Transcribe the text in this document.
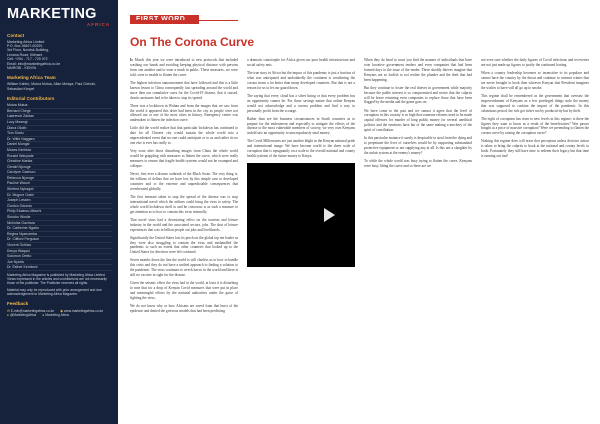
MARKETING
AFRICA
Contact
Marketing Africa Limited
P.O. Box 36697-00200,
3rd Floor, Nordisk Building,
Lenana Road, Kilimani
Cell: +254 - 717 - 729 072
Email: info@marketingafrica.co.ke
NAIROBI - KENYA
Marketing Africa Team
William Kabiro, Mutua Mutua, Allan Mwaya, Paul Gichuki, Sebastian Kimpel
Editorial Contributors
Mutua Mutua
Bernard Chege
Lawrence Zaidan
Lucy Mwangi
Diana Okoth
Tom Sindu
Dr. Wilfa Naggaro
Daniel Mungai
Moses Kimhbia
Ronald Wanyade
Christine Marika
Gerald Njoroge
Carolyne Gachuru
Rebecca Njoroge
Pauline Waruri
Winfred Nyiragwi
Dr. Mugure Owini
Joseph Lessen
Gordon Odundo
Philip Ekakoro-Mburhi
Siroubo Woslie
Nicholas Gachara
Dr. Catherine Ngahu
Regina Nyamamba
Dr. Clifford Ferguson
Vincent Ochiwo
Kenya Waqaui
Solomon Orieto
Joe Nyaria
Dr. Esther Kemboni
Marketing Africa Magazine is published by Marketing Africa Limited. Views expressed in the articles and contributions are not necessarily those of the publisher. The Publisher reserves all rights.
Material may only be reproduced with prior arrangement and due acknowledgement to Marketing Africa Magazine.
Feedback
✉E-info@marketingafrica.co.ke ◉www.marketingafrica.co.ke
●@MarketingAfrica ●Marketing Africa
FIRST WORD
On The Corona Curve

In March this year we were introduced to new protocols that included washing our hands and avoiding keeping physical distance with persons from one another and to wear a mask in public. These measures, we were told, were to enable to flatten the curve.

The highest infection announcement that have followed and this is a little known lesson to China consequently fast spreading around the world and since then our cumulative cases for the Covid-19 disease, that it caused, drastic measures had to be taken to stop its spread.

There was a lockdown in Wuhan and from the images that we saw from the world it appeared this drive had been in the city as people were not allowed out or one of the most cities in history. Emergency centre was undertaken to flatten the infection curve.

Little did the world realize that that particular lockdown has continued to date for all Chinese city would sustain the whole world into a unprecedented event that no-one could anticipate or to us and rather its no one else is ever has really to.

Very soon after those disturbing images from China the whole world would be grappling with measures to flatten the curve, which were really measures to ensure that fragile health systems would not be swamped and collapse.

Never, first ever a disease outbreak of the Black Swan. The very thing is, the trillions of dollars that we have lost by this simple case to developed countries and to the extreme and unpredictable consequences that reverberated globally.

The first measure taken to stop the spread of the disease was to stop international travel which the airlines could bring the virus to safety. The whole world lockdown itself to and be conscious is as such a measure to get attention as to how to contain this virus internally.

That novel virus had a devastating effect on the tourism and leisure industry in the world and the associated sectors, jobs. The shut of leisure experiences that was in billion people out jobs and livelihoods.

Significantly the United States lost its perch on the global top ten leader as they were also struggling to contain the virus and mishandled the pandemic to such an extent that other countries that looked up to the United States for direction were left confused.

Seven months down the line the world is still clueless as to how to handle this crisis and they do not have a unified approach to finding a solution to the pandemic. The virus continues to wreck havoc in the world and there is still no vaccine in sight for the disease.

Given the seismic effect the virus had in the world, at least it is disturbing to note that for a drop of Kenyan Covid measures that were put in place and meaningful efforts by the national authorities under the guise of fighting the virus.

We do not know why or how Africans are saved from that burst of the epidemic and denied the grievous models that had been predicting

a dramatic catastrophe for Africa given our poor health infrastructure and social safety nets.

The true story in Africa but the impact of this pandemic is just a fraction of what was anticipated and undoubtedly the continent is weathering the corona storm a lot better than many developed countries. But that is not a reason for us to let our guard down.

The saying that every cloud has a silver lining or that every problem has an opportunity cannot be. For those savings nature that online Kenyan would not acknowledge and a corona problem and find a way to personally profit from the scourge.

Rather than see the business circumstances in South countries as to prepare for the endowment and especially to mitigate the effects of the disease to the most vulnerable members of society, we very own Kenyans unfold saw an opportunity to unscrupulously steal money.

The Covid Millionaires are just another blight in the Kenyan national pride and international image. We have become world to the sheer scale of corruption that is repugnantly on a scale to the overall national and county health systems of the future money to Kenya.

When they do head to court you find the manner of individuals that have won lucrative government tenders and even companies that had been formed days to the issue of the tender. These shoddy thieves imagine that Kenyans are so foolish to not realize the plunder and the theft that had been happening.

But they continue to foster the real thieves in government while majority because the public interest is so compromised and notice that the culprits will be brave returning even companies to replace those that have been flagged by the media and the game goes on.

We have come to the past and we cannot it agree that the level of corruption in this country is so high that someone reforms need to be made capital offences for murder of long public money for several unethical policies and the emotions have but of the same making a mockery of the spirit of conciliation.

In this particular instance it surely is despicable to steal from the dying and to perpetuate the lives of ourselves would be by supporting substandard protective equipment or not supplying any at all. Is this not a slaughter by the unfair system at the enemy's money?

To while the whole world was busy trying to flatten the curve, Kenyans were busy lifting the curve and so there are we

not even sure whether the daily figures of Covid infections and recoveries are not just made up figures to justify the continued looting.

When a country leadership becomes so insensitive to its populace and cannot have the country by the throat and continue to commit crimes that are never brought to book then whoever Kenyan that President imagines the wishes to have will all go up to smoke.

This regime shall be remembered as the government that oversaw the impoverishment of Kenyans as a few privileged things stole the money that was supposed to cushion the impact of the pandemic. In this calamitous period, the rich got richer not by productivity but by theft.

The eight of corruption has risen to new levels in this regime; is there the figures they want to know as a result of the beneficiaries? Was passes bought at a price of massive corruption? Were we pretending to flatten the corona curve by raising the corruption curve?

Nothing this regime does will erase that perception unless decisive action is taken to bring the culprits to book at the national and county levels to book. Fortunately they still have time to redeem their legacy but that time is running out fast!
